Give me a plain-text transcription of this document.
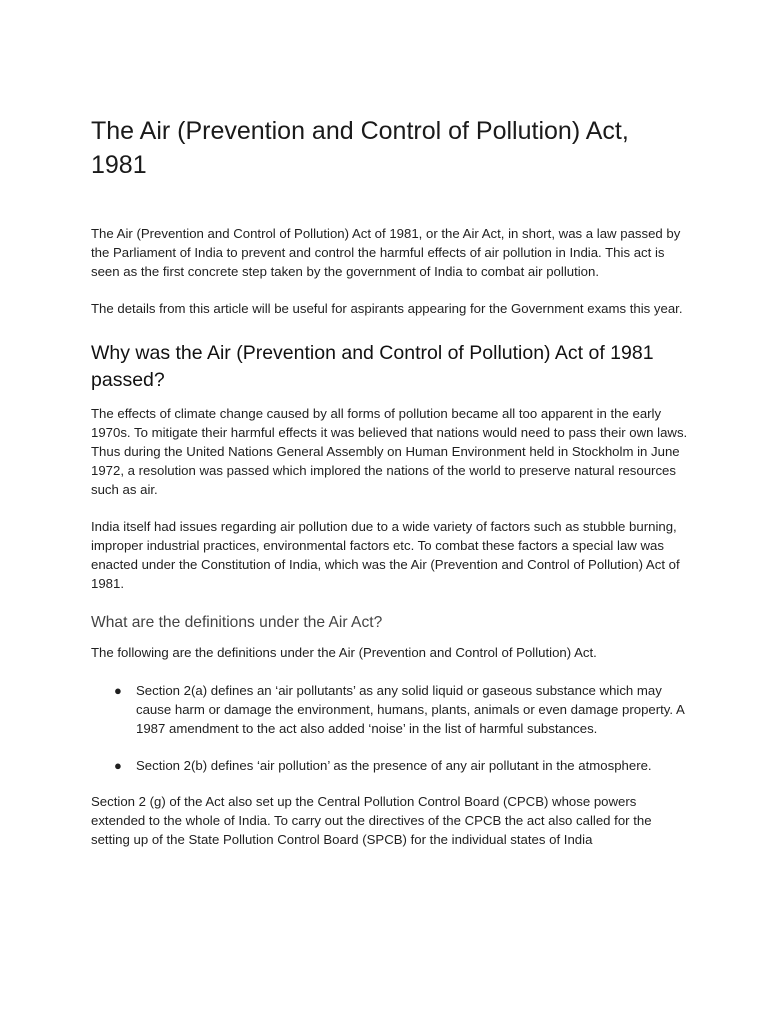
The Air (Prevention and Control of Pollution) Act, 1981

The Air (Prevention and Control of Pollution) Act of 1981, or the Air Act, in short, was a law passed by the Parliament of India to prevent and control the harmful effects of air pollution in India. This act is seen as the first concrete step taken by the government of India to combat air pollution.

The details from this article will be useful for aspirants appearing for the Government exams this year.

Why was the Air (Prevention and Control of Pollution) Act of 1981 passed?

The effects of climate change caused by all forms of pollution became all too apparent in the early 1970s. To mitigate their harmful effects it was believed that nations would need to pass their own laws. Thus during the United Nations General Assembly on Human Environment held in Stockholm in June 1972, a resolution was passed which implored the nations of the world to preserve natural resources such as air.

India itself had issues regarding air pollution due to a wide variety of factors such as stubble burning, improper industrial practices, environmental factors etc. To combat these factors a special law was enacted under the Constitution of India, which was the Air (Prevention and Control of Pollution) Act of 1981.

What are the definitions under the Air Act?

The following are the definitions under the Air (Prevention and Control of Pollution) Act.

● Section 2(a) defines an ‘air pollutants’ as any solid liquid or gaseous substance which may cause harm or damage the environment, humans, plants, animals or even damage property. A 1987 amendment to the act also added ‘noise’ in the list of harmful substances.
● Section 2(b) defines ‘air pollution’ as the presence of any air pollutant in the atmosphere.

Section 2 (g) of the Act also set up the Central Pollution Control Board (CPCB) whose powers extended to the whole of India. To carry out the directives of the CPCB the act also called for the setting up of the State Pollution Control Board (SPCB) for the individual states of India
